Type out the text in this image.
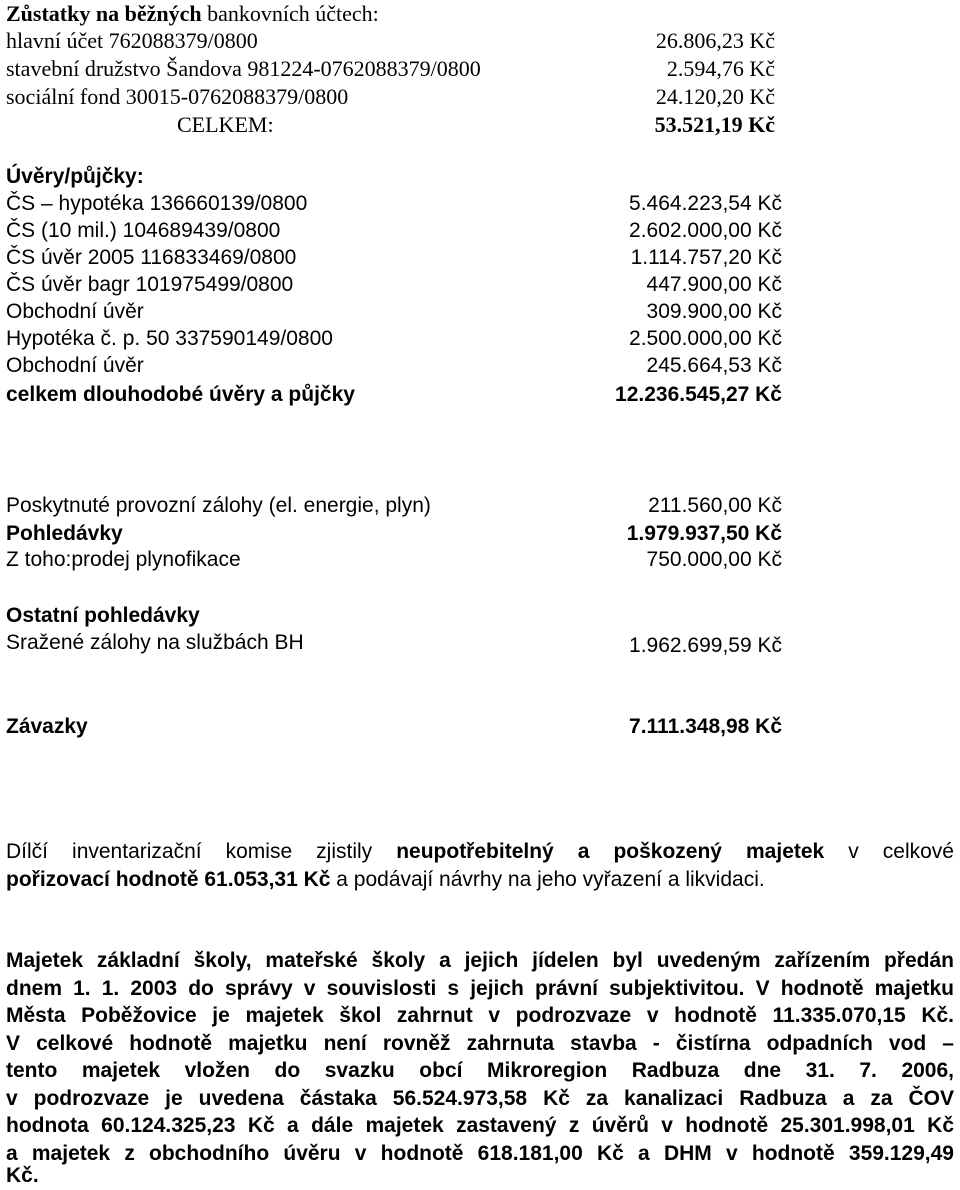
Zůstatky na běžných bankovních účtech:
hlavní účet 762088379/0800	26.806,23 Kč
stavební družstvo Šandova 981224-0762088379/0800	2.594,76 Kč
sociální fond 30015-0762088379/0800	24.120,20 Kč
CELKEM:	53.521,19 Kč
Úvěry/půjčky:
ČS – hypotéka 136660139/0800	5.464.223,54 Kč
ČS (10 mil.) 104689439/0800	2.602.000,00 Kč
ČS úvěr 2005 116833469/0800	1.114.757,20 Kč
ČS úvěr bagr 101975499/0800	447.900,00 Kč
Obchodní úvěr	309.900,00 Kč
Hypotéka č. p. 50 337590149/0800	2.500.000,00 Kč
Obchodní úvěr	245.664,53 Kč
celkem dlouhodobé úvěry a půjčky	12.236.545,27 Kč
Poskytnuté provozní zálohy (el. energie, plyn)	211.560,00 Kč
Pohledávky	1.979.937,50 Kč
Z toho:prodej plynofikace	750.000,00 Kč
Ostatní pohledávky
Sražené zálohy na službách BH	1.962.699,59 Kč
Závazky	7.111.348,98 Kč
Dílčí inventarizační komise zjistily neupotřebitelný a poškozený majetek v celkové
pořizovací hodnotě 61.053,31 Kč a podávají návrhy na jeho vyřazení a likvidaci.
Majetek základní školy, mateřské školy a jejich jídelen byl uvedeným zařízením předán
dnem 1. 1. 2003 do správy v souvislosti s jejich právní subjektivitou. V hodnotě majetku
Města Poběžovice je majetek škol zahrnut v podrozvaze v hodnotě 11.335.070,15 Kč.
V celkové hodnotě majetku není rovněž zahrnuta stavba - čistírna odpadních vod –
tento majetek vložen do svazku obcí Mikroregion Radbuza dne 31. 7. 2006,
v podrozvaze je uvedena částaka 56.524.973,58 Kč za kanalizaci Radbuza a za ČOV
hodnota 60.124.325,23 Kč a dále majetek zastavený z úvěrů v hodnotě 25.301.998,01 Kč
a majetek z obchodního úvěru v hodnotě 618.181,00 Kč a DHM v hodnotě 359.129,49
Kč.
